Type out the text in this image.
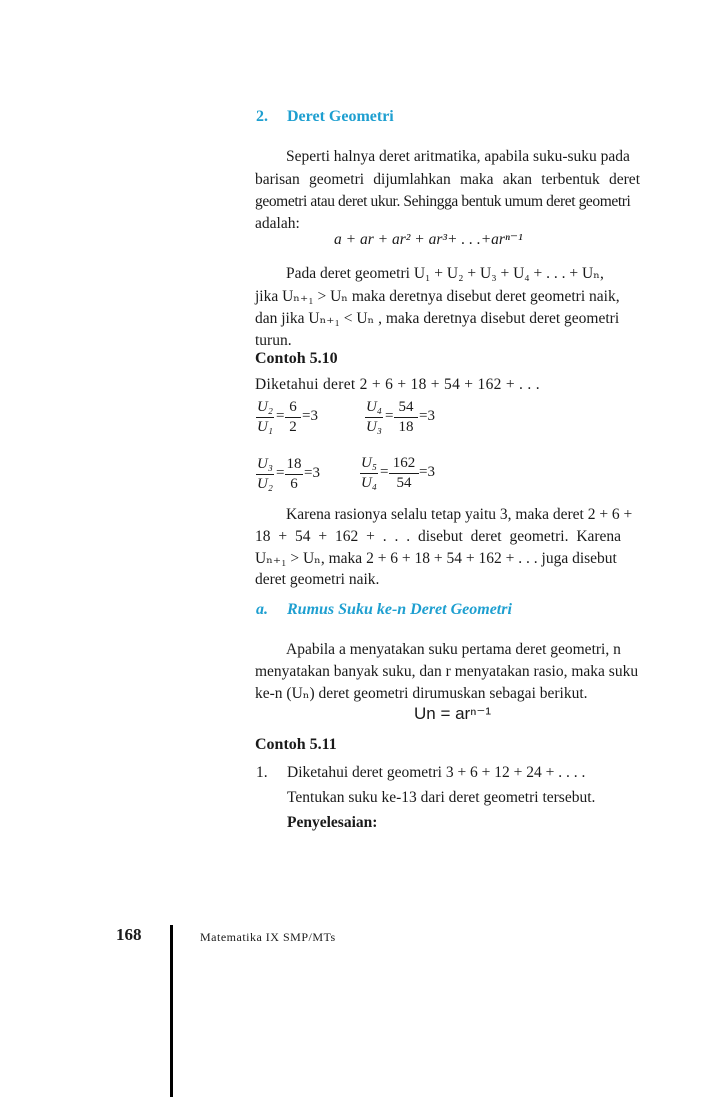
2. Deret Geometri
Seperti halnya deret aritmatika, apabila suku-suku pada
barisan geometri dijumlahkan maka akan terbentuk deret
geometri atau deret ukur. Sehingga bentuk umum deret geometri
adalah:
a + ar + ar² + ar³+ . . .+arⁿ⁻¹
Pada deret geometri U₁ + U₂ + U₃ + U₄ + . . . + Uₙ,
jika Uₙ₊₁ > Uₙ maka deretnya disebut deret geometri naik,
dan jika Uₙ₊₁ < Uₙ , maka deretnya disebut deret geometri
turun.
Contoh 5.10
Diketahui deret 2 + 6 + 18 + 54 + 162 + . . .
U₂
U₁
=
6
2
=3
U₄
U₃
=
54
18
=3
U₃
U₂
=
18
6
=3
U₅
U₄
=
162
54
=3
Karena rasionya selalu tetap yaitu 3, maka deret 2 + 6 +
18 + 54 + 162 + . . . disebut deret geometri. Karena
Uₙ₊₁ > Uₙ, maka 2 + 6 + 18 + 54 + 162 + . . . juga disebut
deret geometri naik.
a. Rumus Suku ke-n Deret Geometri
Apabila a menyatakan suku pertama deret geometri, n
menyatakan banyak suku, dan r menyatakan rasio, maka suku
ke-n (Uₙ) deret geometri dirumuskan sebagai berikut.
Un = arⁿ⁻¹
Contoh 5.11
1. Diketahui deret geometri 3 + 6 + 12 + 24 + . . . .
Tentukan suku ke-13 dari deret geometri tersebut.
Penyelesaian:
168	Matematika IX SMP/MTs
